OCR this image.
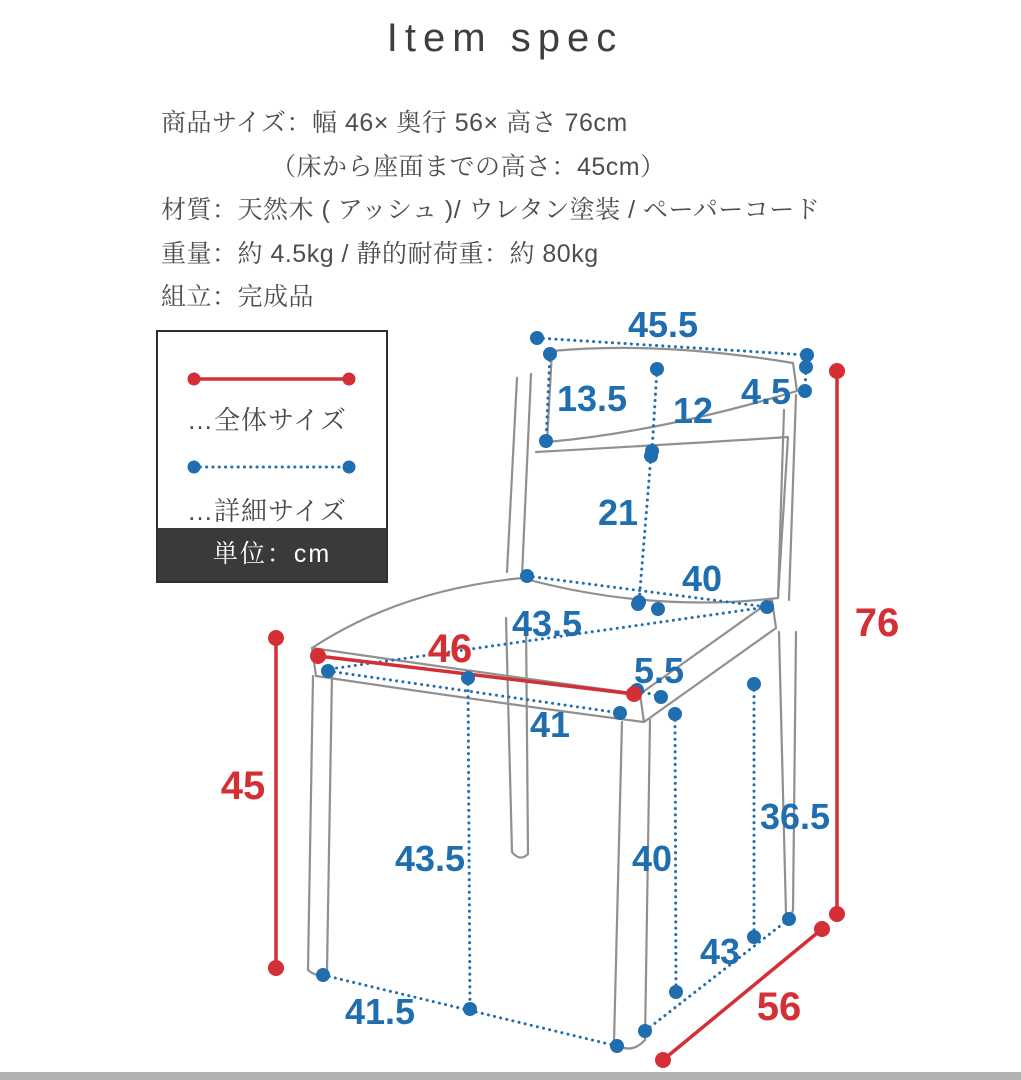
Item spec
商品サイズ：幅 46× 奥行 56× 高さ 76cm
（床から座面までの高さ：45cm）
材質：天然木 ( アッシュ )/ ウレタン塗装 / ペーパーコード
重量：約 4.5kg / 静的耐荷重：約 80kg
組立：完成品
…全体サイズ
…詳細サイズ
単位：cm
45.5
13.5 12 4.5
21
40
43.5
5.5
41
43.5	40
36.5
43
41.5
46
45
76
56
